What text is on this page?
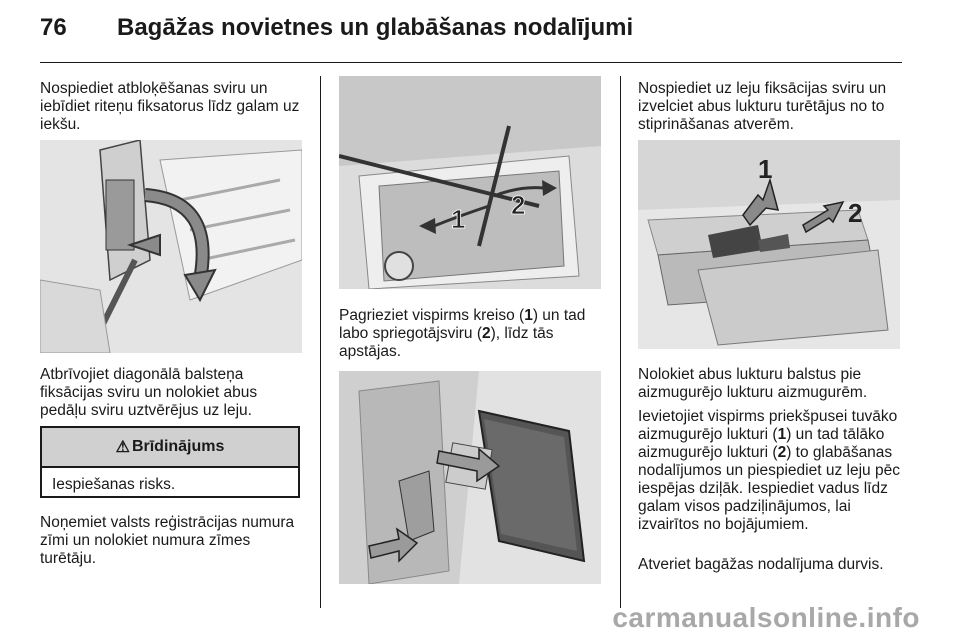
76 Bagāžas novietnes un glabāšanas nodalījumi

Nospiediet atbloķēšanas sviru un iebīdiet riteņu fiksatorus līdz galam uz iekšu.

Atbrīvojiet diagonālā balsteņa fiksācijas sviru un nolokiet abus pedāļu sviru uztvērējus uz leju.

⚠ Brīdinājums
Iespiešanas risks.

Noņemiet valsts reģistrācijas numura zīmi un nolokiet numura zīmes turētāju.

1 2

Pagrieziet vispirms kreiso (1) un tad labo spriegotājsviru (2), līdz tās apstājas.

Nospiediet uz leju fiksācijas sviru un izvelciet abus lukturu turētājus no to stiprināšanas atverēm.

1
2

Nolokiet abus lukturu balstus pie aizmugurējo lukturu aizmugurēm.

Ievietojiet vispirms priekšpusei tuvāko aizmugurējo lukturi (1) un tad tālāko aizmugurējo lukturi (2) to glabāšanas nodalījumos un piespiediet uz leju pēc iespējas dziļāk. Iespiediet vadus līdz galam visos padziļinājumos, lai izvairītos no bojājumiem.

Atveriet bagāžas nodalījuma durvis.

carmanualsonline.info
